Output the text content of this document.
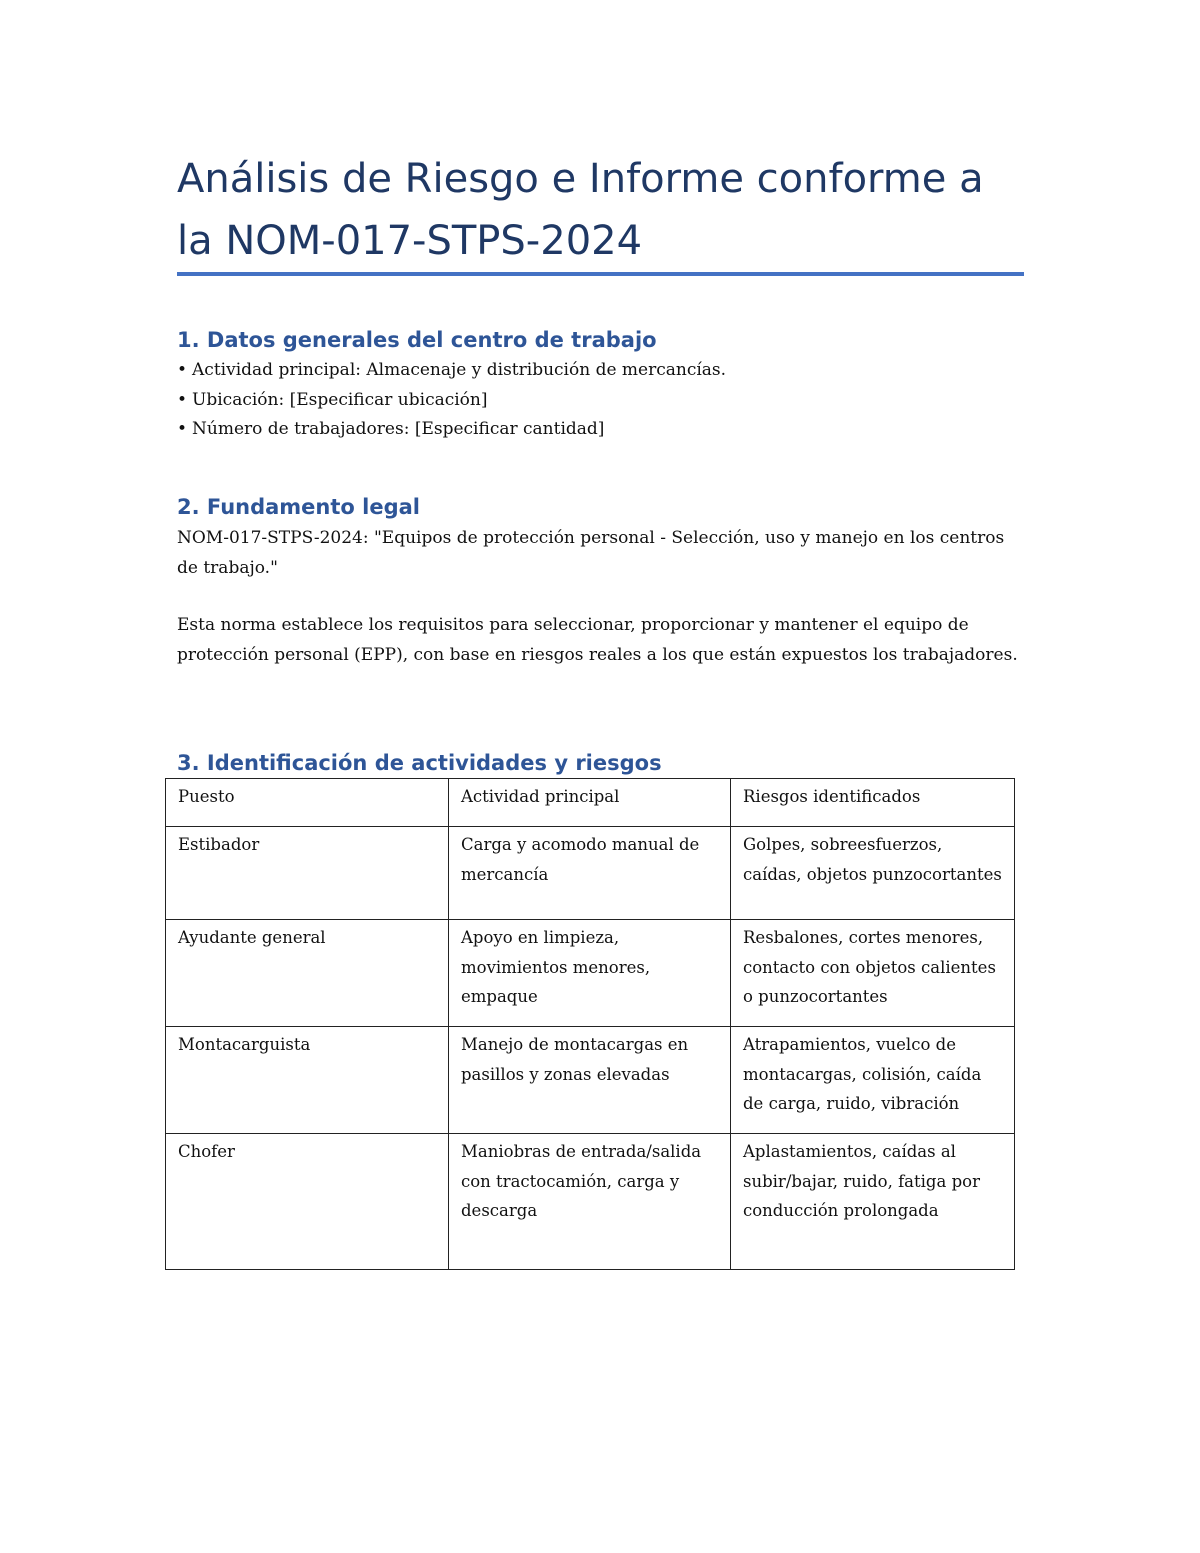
Análisis de Riesgo e Informe conforme a la NOM-017-STPS-2024
1. Datos generales del centro de trabajo
• Actividad principal: Almacenaje y distribución de mercancías.
• Ubicación: [Especificar ubicación]
• Número de trabajadores: [Especificar cantidad]
2. Fundamento legal

NOM-017-STPS-2024: "Equipos de protección personal - Selección, uso y manejo en los centros de trabajo."

Esta norma establece los requisitos para seleccionar, proporcionar y mantener el equipo de protección personal (EPP), con base en riesgos reales a los que están expuestos los trabajadores.

3. Identificación de actividades y riesgos
Puesto	Actividad principal	Riesgos identificados
Estibador	Carga y acomodo manual de mercancía	Golpes, sobreesfuerzos, caídas, objetos punzocortantes
Ayudante general	Apoyo en limpieza, movimientos menores, empaque	Resbalones, cortes menores, contacto con objetos calientes o punzocortantes
Montacarguista	Manejo de montacargas en pasillos y zonas elevadas	Atrapamientos, vuelco de montacargas, colisión, caída de carga, ruido, vibración
Chofer	Maniobras de entrada/salida con tractocamión, carga y descarga	Aplastamientos, caídas al subir/bajar, ruido, fatiga por conducción prolongada
